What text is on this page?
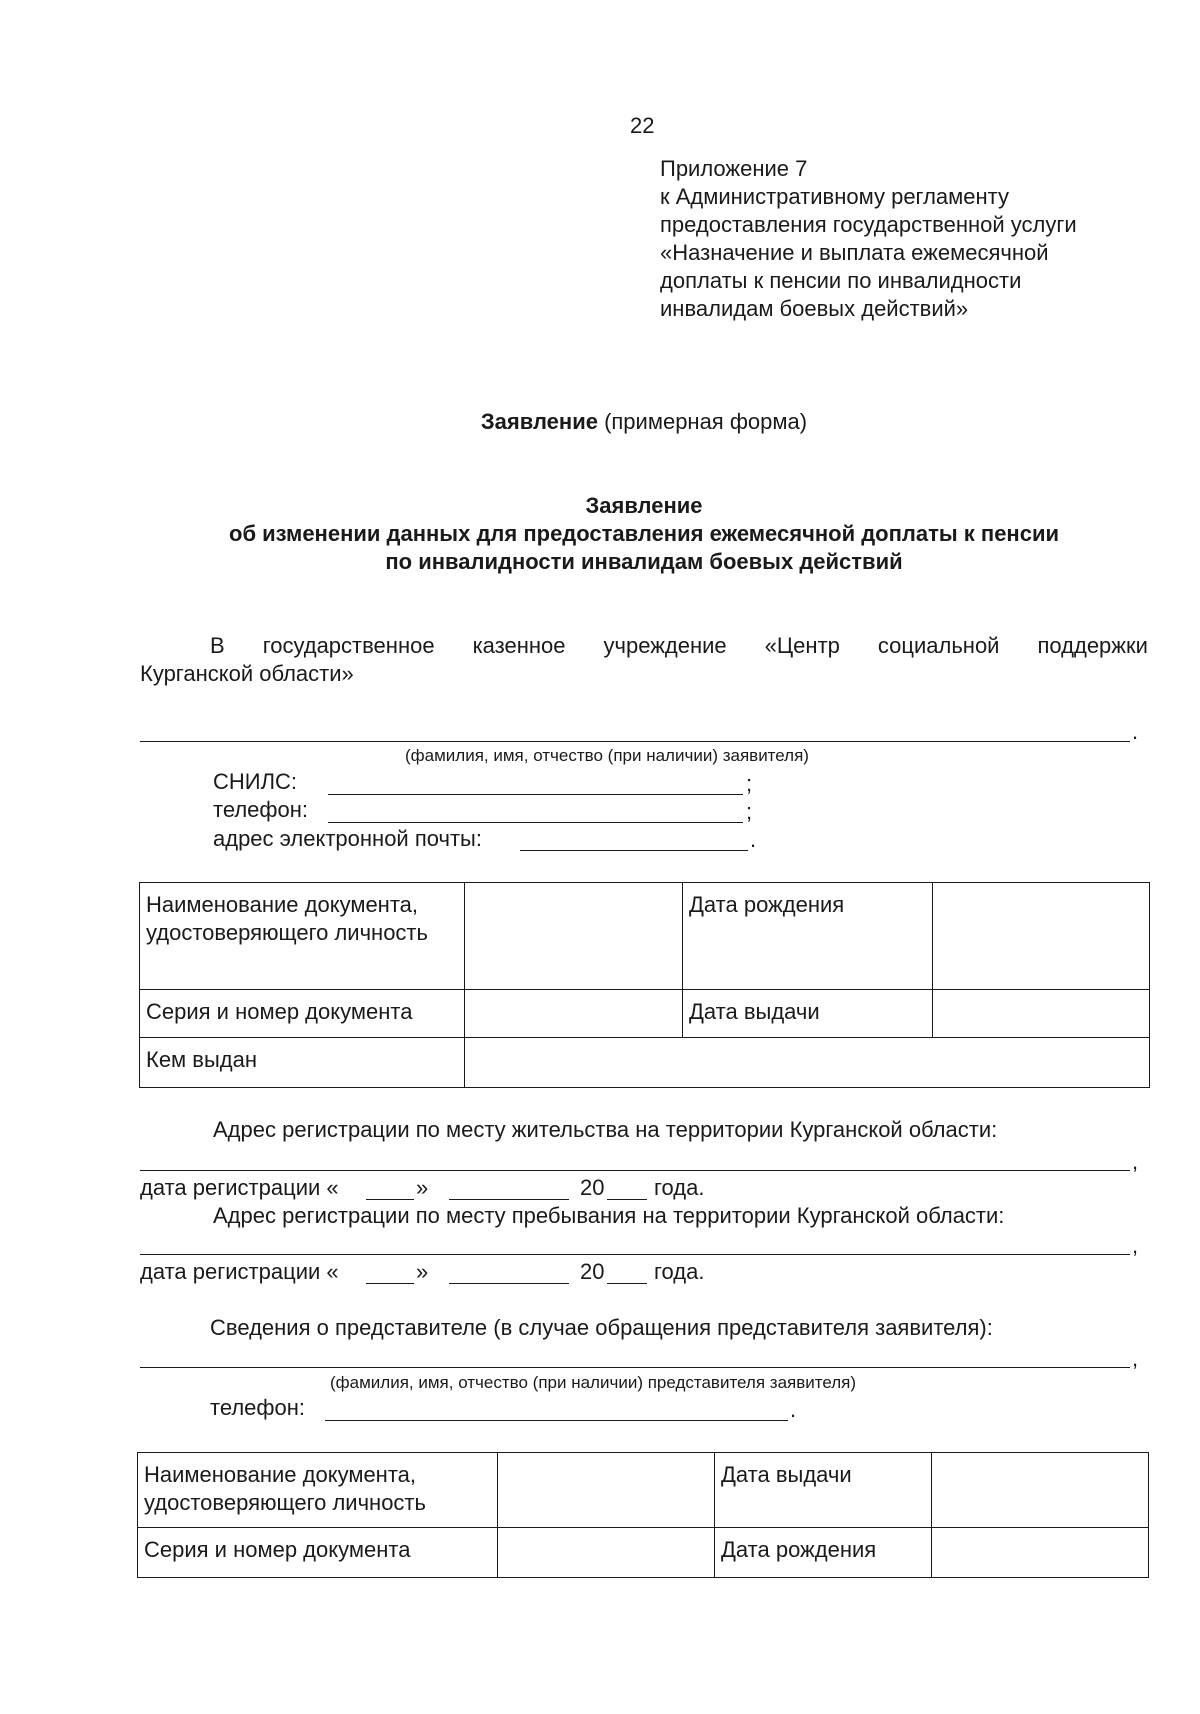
22
Приложение 7
к Административному регламенту
предоставления государственной услуги
«Назначение и выплата ежемесячной
доплаты к пенсии по инвалидности
инвалидам боевых действий»
Заявление (примерная форма)
Заявление
об изменении данных для предоставления ежемесячной доплаты к пенсии
по инвалидности инвалидам боевых действий
В государственное казенное учреждение «Центр социальной поддержки
Курганской области»
.
(фамилия, имя, отчество (при наличии) заявителя)
СНИЛС:	;
телефон:	;
адрес электронной почты:	.
Наименование документа, удостоверяющего личность		Дата рождения	
Серия и номер документа		Дата выдачи	
Кем выдан			
Адрес регистрации по месту жительства на территории Курганской области:
,
дата регистрации «	»	20 года.
Адрес регистрации по месту пребывания на территории Курганской области:
,
дата регистрации «	»	20 года.
Сведения о представителе (в случае обращения представителя заявителя):
,
(фамилия, имя, отчество (при наличии) представителя заявителя)
телефон:	.
Наименование документа, удостоверяющего личность		Дата выдачи	
Серия и номер документа		Дата рождения	
